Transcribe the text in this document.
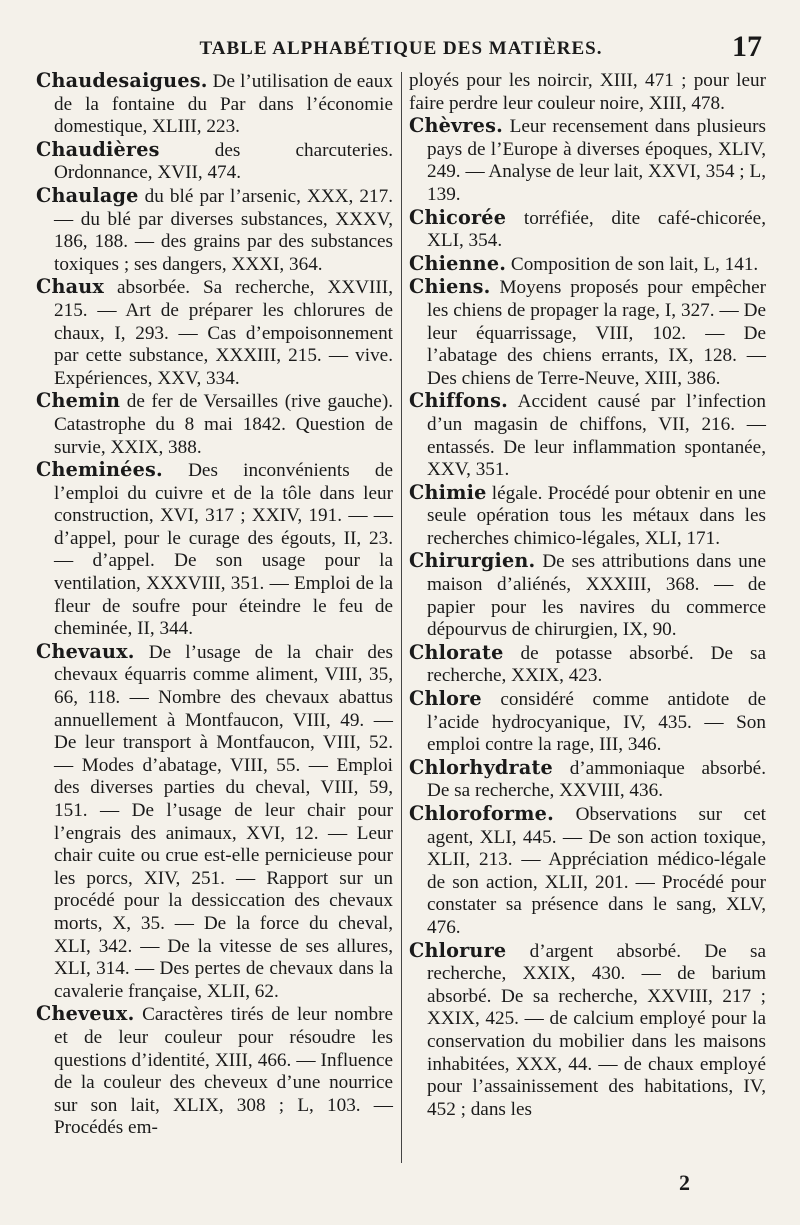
TABLE ALPHABÉTIQUE DES MATIÈRES.	17

Chaudesaigues. De l’utilisation de eaux de la fontaine du Par dans l’économie domestique, XLIII, 223.

Chaudières des charcuteries. Ordonnance, XVII, 474.

Chaulage du blé par l’arsenic, XXX, 217. — du blé par diverses substances, XXXV, 186, 188. — des grains par des substances toxiques ; ses dangers, XXXI, 364.

Chaux absorbée. Sa recherche, XXVIII, 215. — Art de préparer les chlorures de chaux, I, 293. — Cas d’empoisonnement par cette substance, XXXIII, 215. — vive. Expériences, XXV, 334.

Chemin de fer de Versailles (rive gauche). Catastrophe du 8 mai 1842. Question de survie, XXIX, 388.

Cheminées. Des inconvénients de l’emploi du cuivre et de la tôle dans leur construction, XVI, 317 ; XXIV, 191. — — d’appel, pour le curage des égouts, II, 23. — d’appel. De son usage pour la ventilation, XXXVIII, 351. — Emploi de la fleur de soufre pour éteindre le feu de cheminée, II, 344.

Chevaux. De l’usage de la chair des chevaux équarris comme aliment, VIII, 35, 66, 118. — Nombre des chevaux abattus annuellement à Montfaucon, VIII, 49. — De leur transport à Montfaucon, VIII, 52. — Modes d’abatage, VIII, 55. — Emploi des diverses parties du cheval, VIII, 59, 151. — De l’usage de leur chair pour l’engrais des animaux, XVI, 12. — Leur chair cuite ou crue est-elle pernicieuse pour les porcs, XIV, 251. — Rapport sur un procédé pour la dessiccation des chevaux morts, X, 35. — De la force du cheval, XLI, 342. — De la vitesse de ses allures, XLI, 314. — Des pertes de chevaux dans la cavalerie française, XLII, 62.

Cheveux. Caractères tirés de leur nombre et de leur couleur pour résoudre les questions d’identité, XIII, 466. — Influence de la couleur des cheveux d’une nourrice sur son lait, XLIX, 308 ; L, 103. — Procédés em-

ployés pour les noircir, XIII, 471 ; pour leur faire perdre leur couleur noire, XIII, 478.

Chèvres. Leur recensement dans plusieurs pays de l’Europe à diverses époques, XLIV, 249. — Analyse de leur lait, XXVI, 354 ; L, 139.

Chicorée torréfiée, dite café-chicorée, XLI, 354.

Chienne. Composition de son lait, L, 141.

Chiens. Moyens proposés pour empêcher les chiens de propager la rage, I, 327. — De leur équarrissage, VIII, 102. — De l’abatage des chiens errants, IX, 128. — Des chiens de Terre-Neuve, XIII, 386.

Chiffons. Accident causé par l’infection d’un magasin de chiffons, VII, 216. — entassés. De leur inflammation spontanée, XXV, 351.

Chimie légale. Procédé pour obtenir en une seule opération tous les métaux dans les recherches chimico-légales, XLI, 171.

Chirurgien. De ses attributions dans une maison d’aliénés, XXXIII, 368. — de papier pour les navires du commerce dépourvus de chirurgien, IX, 90.

Chlorate de potasse absorbé. De sa recherche, XXIX, 423.

Chlore considéré comme antidote de l’acide hydrocyanique, IV, 435. — Son emploi contre la rage, III, 346.

Chlorhydrate d’ammoniaque absorbé. De sa recherche, XXVIII, 436.

Chloroforme. Observations sur cet agent, XLI, 445. — De son action toxique, XLII, 213. — Appréciation médico-légale de son action, XLII, 201. — Procédé pour constater sa présence dans le sang, XLV, 476.

Chlorure d’argent absorbé. De sa recherche, XXIX, 430. — de barium absorbé. De sa recherche, XXVIII, 217 ; XXIX, 425. — de calcium employé pour la conservation du mobilier dans les maisons inhabitées, XXX, 44. — de chaux employé pour l’assainissement des habitations, IV, 452 ; dans les

2
